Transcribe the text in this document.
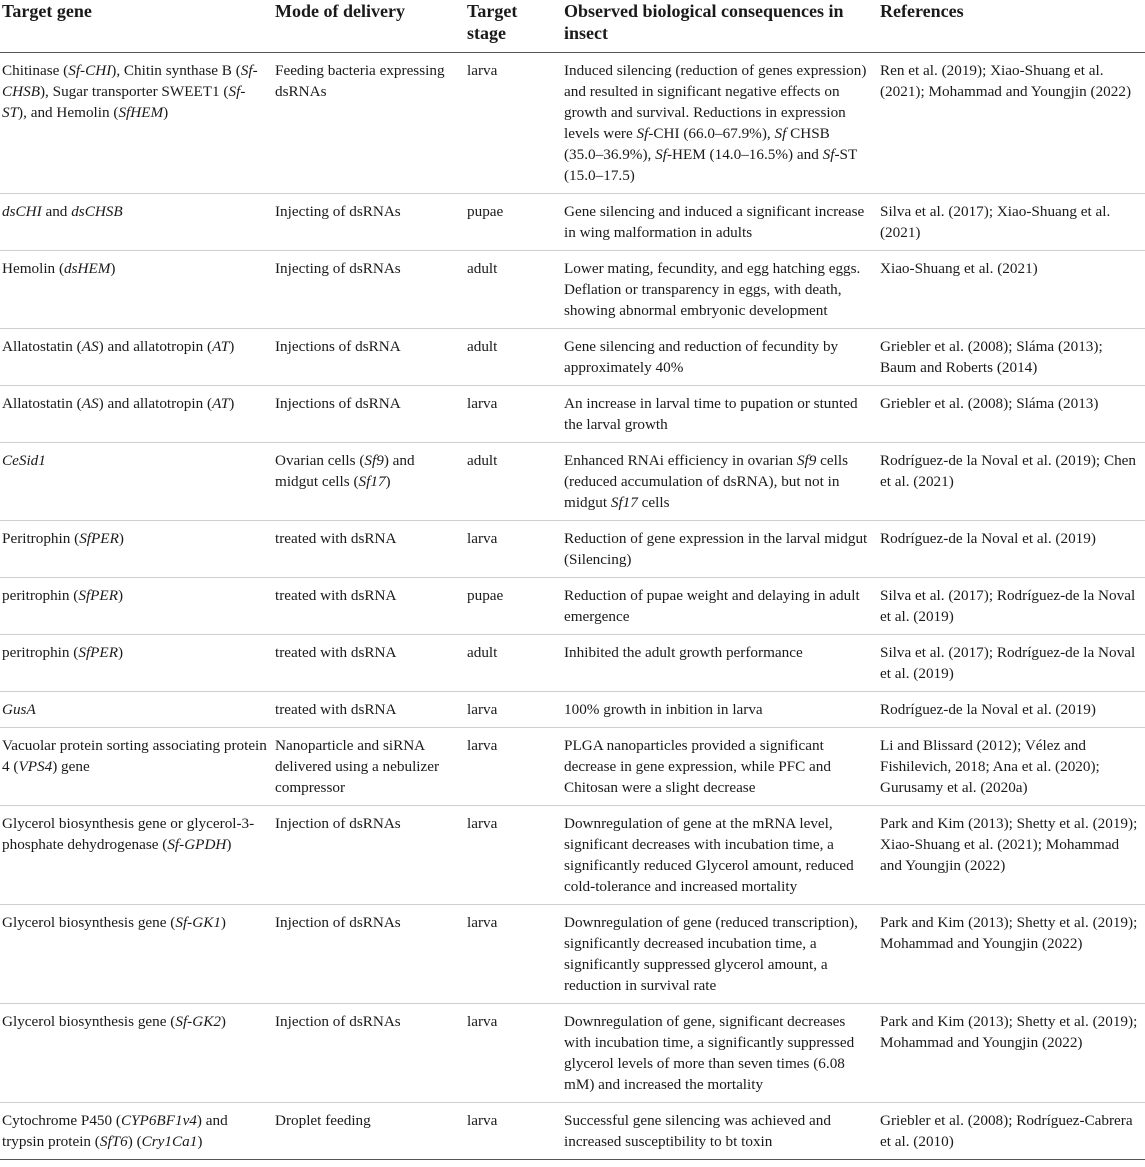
Target gene	Mode of delivery	Target stage	Observed biological consequences in insect	References
Chitinase (Sf-CHI), Chitin synthase B (Sf-CHSB), Sugar transporter SWEET1 (Sf-ST), and Hemolin (SfHEM)	Feeding bacteria expressing dsRNAs	larva	Induced silencing (reduction of genes expression) and resulted in significant negative effects on growth and survival. Reductions in expression levels were Sf-CHI (66.0–67.9%), Sf CHSB (35.0–36.9%), Sf-HEM (14.0–16.5%) and Sf-ST (15.0–17.5)	Ren et al. (2019); Xiao-Shuang et al. (2021); Mohammad and Youngjin (2022)
dsCHI and dsCHSB	Injecting of dsRNAs	pupae	Gene silencing and induced a significant increase in wing malformation in adults	Silva et al. (2017); Xiao-Shuang et al. (2021)
Hemolin (dsHEM)	Injecting of dsRNAs	adult	Lower mating, fecundity, and egg hatching eggs. Deflation or transparency in eggs, with death, showing abnormal embryonic development	Xiao-Shuang et al. (2021)
Allatostatin (AS) and allatotropin (AT)	Injections of dsRNA	adult	Gene silencing and reduction of fecundity by approximately 40%	Griebler et al. (2008); Sláma (2013); Baum and Roberts (2014)
Allatostatin (AS) and allatotropin (AT)	Injections of dsRNA	larva	An increase in larval time to pupation or stunted the larval growth	Griebler et al. (2008); Sláma (2013)
CeSid1	Ovarian cells (Sf9) and midgut cells (Sf17)	adult	Enhanced RNAi efficiency in ovarian Sf9 cells (reduced accumulation of dsRNA), but not in midgut Sf17 cells	Rodríguez-de la Noval et al. (2019); Chen et al. (2021)
Peritrophin (SfPER)	treated with dsRNA	larva	Reduction of gene expression in the larval midgut (Silencing)	Rodríguez-de la Noval et al. (2019)
peritrophin (SfPER)	treated with dsRNA	pupae	Reduction of pupae weight and delaying in adult emergence	Silva et al. (2017); Rodríguez-de la Noval et al. (2019)
peritrophin (SfPER)	treated with dsRNA	adult	Inhibited the adult growth performance	Silva et al. (2017); Rodríguez-de la Noval et al. (2019)
GusA	treated with dsRNA	larva	100% growth in inbition in larva	Rodríguez-de la Noval et al. (2019)
Vacuolar protein sorting associating protein 4 (VPS4) gene	Nanoparticle and siRNA delivered using a nebulizer compressor	larva	PLGA nanoparticles provided a significant decrease in gene expression, while PFC and Chitosan were a slight decrease	Li and Blissard (2012); Vélez and Fishilevich, 2018; Ana et al. (2020); Gurusamy et al. (2020a)
Glycerol biosynthesis gene or glycerol-3-phosphate dehydrogenase (Sf-GPDH)	Injection of dsRNAs	larva	Downregulation of gene at the mRNA level, significant decreases with incubation time, a significantly reduced Glycerol amount, reduced cold-tolerance and increased mortality	Park and Kim (2013); Shetty et al. (2019); Xiao-Shuang et al. (2021); Mohammad and Youngjin (2022)
Glycerol biosynthesis gene (Sf-GK1)	Injection of dsRNAs	larva	Downregulation of gene (reduced transcription), significantly decreased incubation time, a significantly suppressed glycerol amount, a reduction in survival rate	Park and Kim (2013); Shetty et al. (2019); Mohammad and Youngjin (2022)
Glycerol biosynthesis gene (Sf-GK2)	Injection of dsRNAs	larva	Downregulation of gene, significant decreases with incubation time, a significantly suppressed glycerol levels of more than seven times (6.08 mM) and increased the mortality	Park and Kim (2013); Shetty et al. (2019); Mohammad and Youngjin (2022)
Cytochrome P450 (CYP6BF1v4) and trypsin protein (SfT6) (Cry1Ca1)	Droplet feeding	larva	Successful gene silencing was achieved and increased susceptibility to bt toxin	Griebler et al. (2008); Rodríguez-Cabrera et al. (2010)
